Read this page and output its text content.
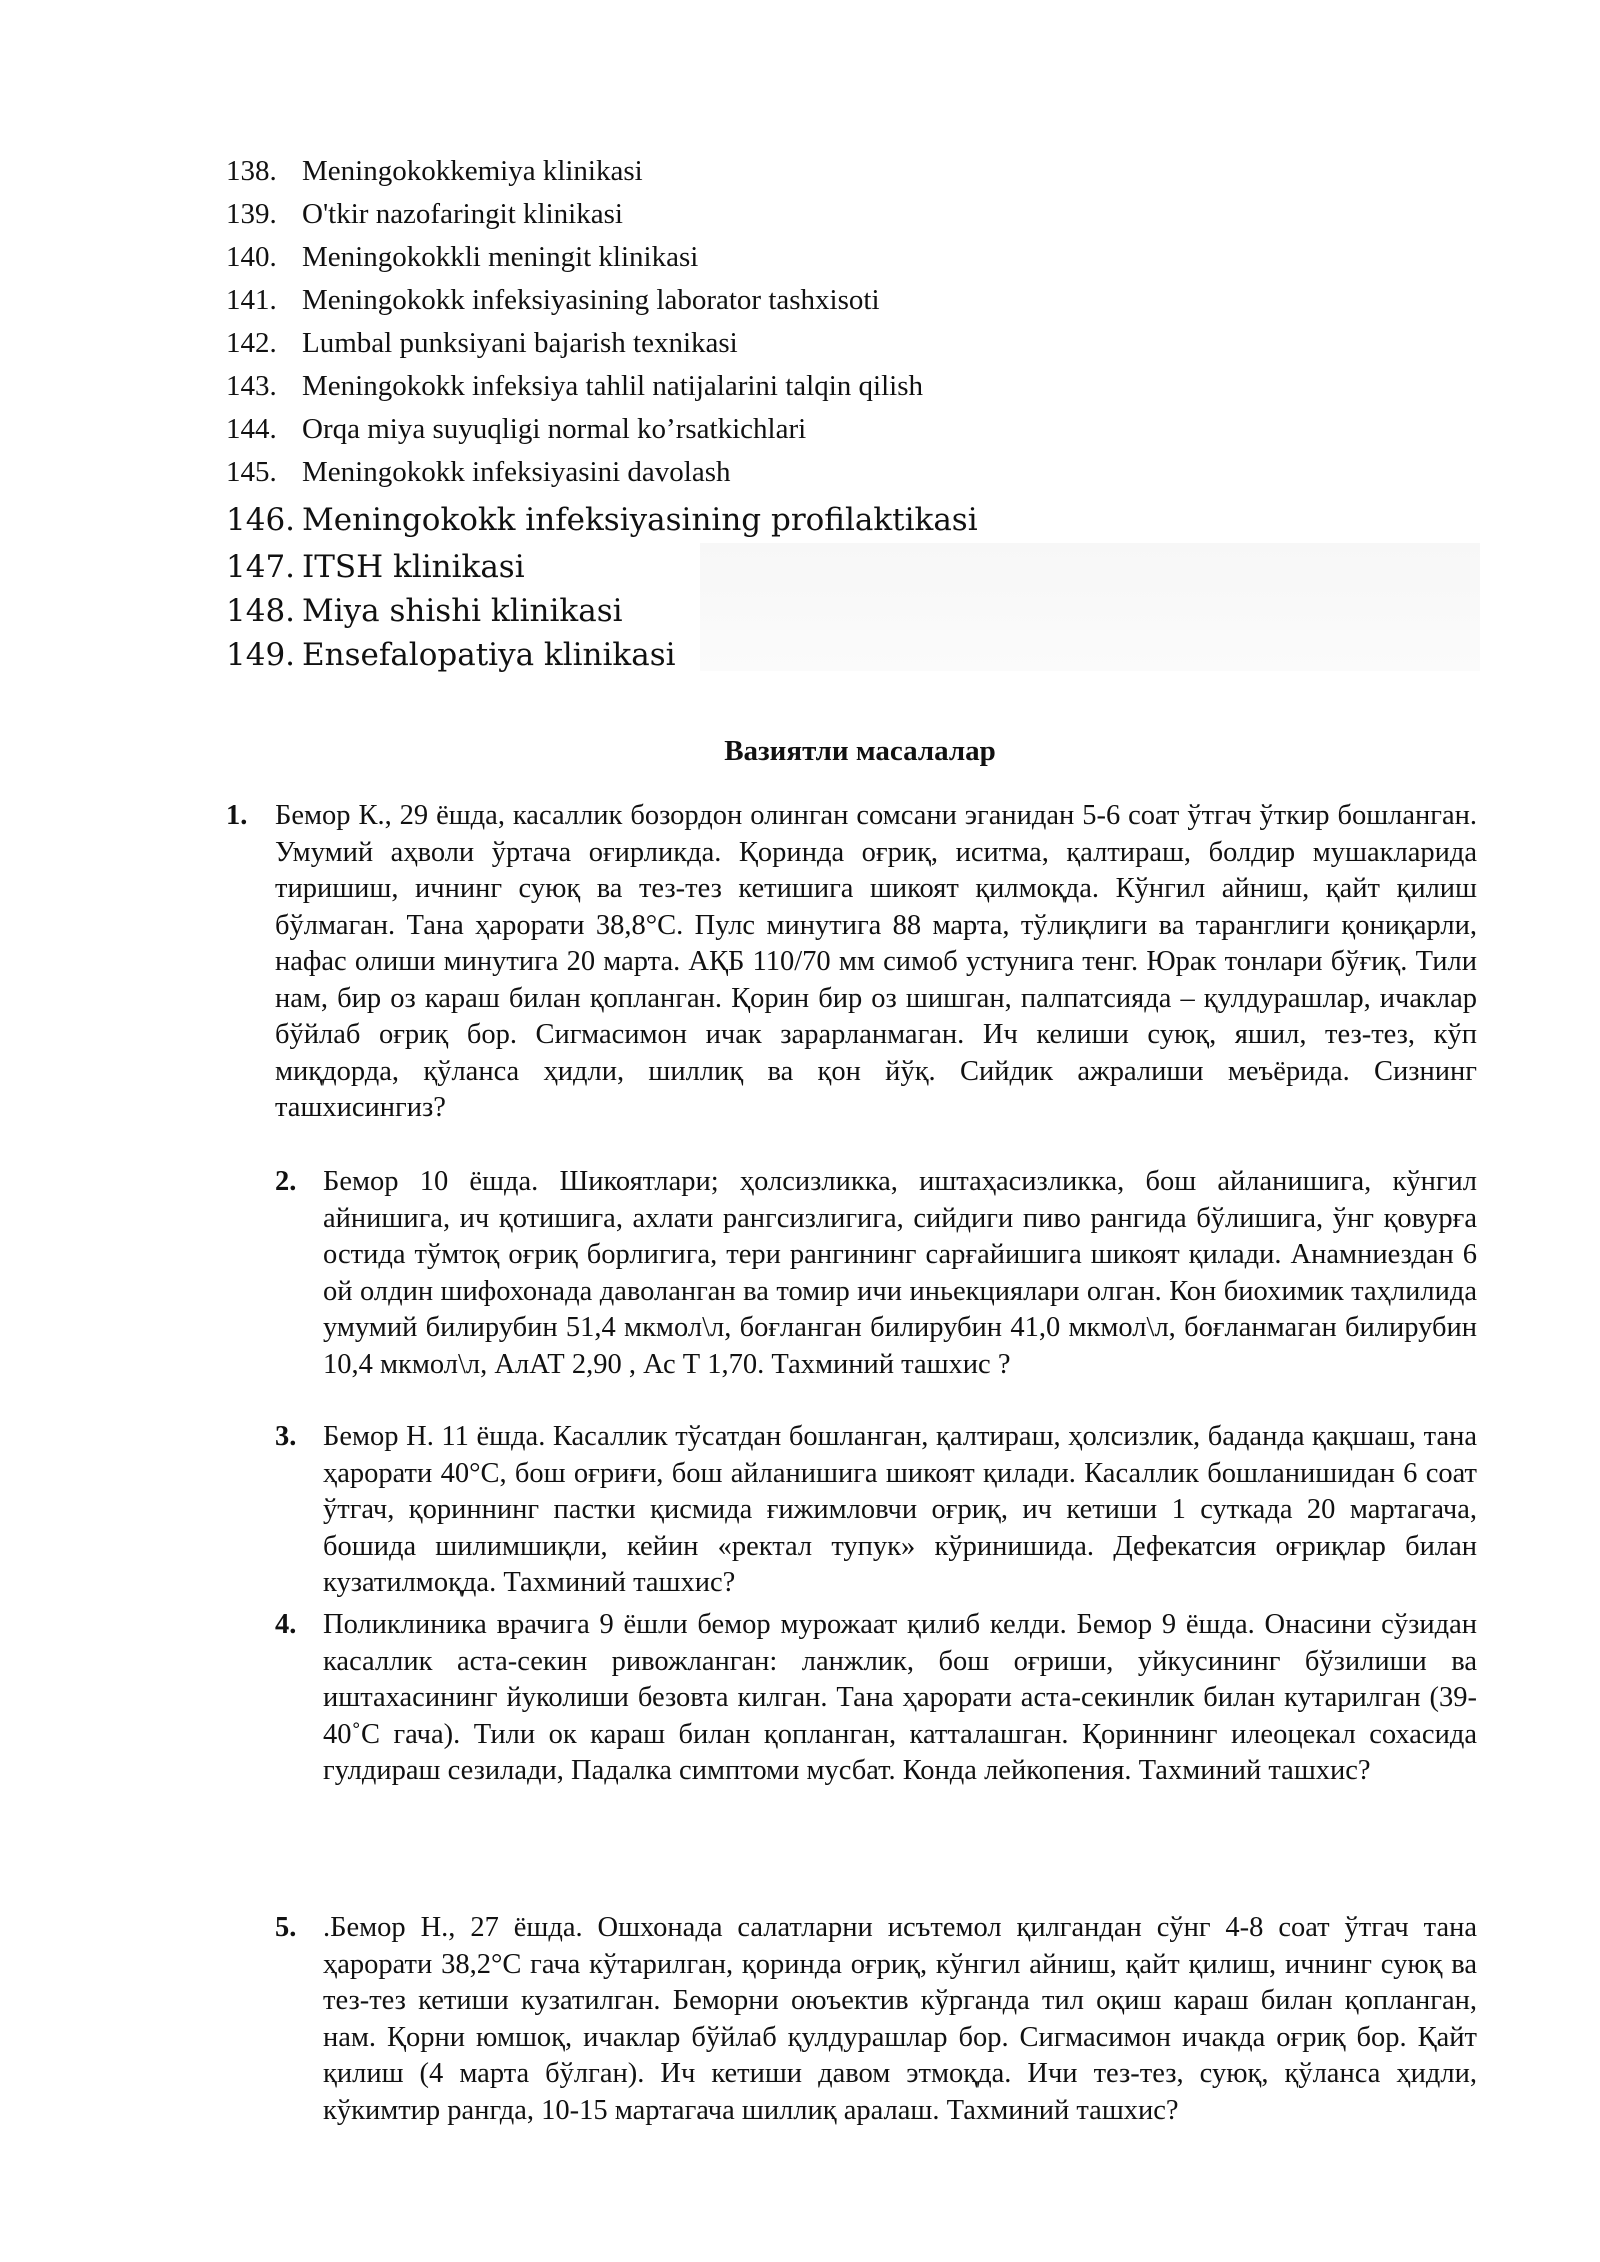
138. Meningokokkemiya klinikasi
139. O'tkir nazofaringit klinikasi
140. Meningokokkli meningit klinikasi
141. Meningokokk infeksiyasining laborator tashxisoti
142. Lumbal punksiyani bajarish texnikasi
143. Meningokokk infeksiya tahlil natijalarini talqin qilish
144. Orqa miya suyuqligi normal ko’rsatkichlari
145. Meningokokk infeksiyasini davolash
146. Meningokokk infeksiyasining profilaktikasi
147. ITSH klinikasi
148. Miya shishi klinikasi
149. Ensefalopatiya klinikasi
Вазиятли масалалар
1. Бемор К., 29 ёшда, касаллик бозордон олинган сомсани эганидан 5-6 соат ўтгач ўткир бошланган. Умумий аҳволи ўртача оғирликда. Қоринда оғриқ, иситма, қалтираш, болдир мушакларида тиришиш, ичнинг суюқ ва тез-тез кетишига шикоят қилмоқда. Кўнгил айниш, қайт қилиш бўлмаган. Тана ҳарорати 38,8°С. Пулс минутига 88 марта, тўлиқлиги ва таранглиги қониқарли, нафас олиши минутига 20 марта. АҚБ 110/70 мм симоб устунига тенг. Юрак тонлари бўғиқ. Тили нам, бир оз караш билан қопланган. Қорин бир оз шишган, палпатсияда – қулдурашлар, ичаклар бўйлаб оғриқ бор. Сигмасимон ичак зарарланмаган. Ич келиши суюқ, яшил, тез-тез, кўп миқдорда, қўланса ҳидли, шиллиқ ва қон йўқ. Сийдик ажралиши меъёрида. Сизнинг ташхисингиз?
2. Бемор 10 ёшда. Шикоятлари; ҳолсизликка, иштаҳасизликка, бош айланишига, кўнгил айнишига, ич қотишига, ахлати рангсизлигига, сийдиги пиво рангида бўлишига, ўнг қовурға остида тўмтоқ оғриқ борлигига, тери рангининг сарғайишига шикоят қилади. Анамниездан 6 ой олдин шифохонада даволанган ва томир ичи иньекциялари олган. Кон биохимик таҳлилида умумий билирубин 51,4 мкмол\л, боғланган билирубин 41,0 мкмол\л, боғланмаган билирубин 10,4 мкмол\л, АлАТ 2,90 , Ас Т 1,70. Тахминий ташхис ?
3. Бемор Н. 11 ёшда. Касаллик тўсатдан бошланган, қалтираш, ҳолсизлик, баданда қақшаш, тана ҳарорати 40°С, бош оғриғи, бош айланишига шикоят қилади. Касаллик бошланишидан 6 соат ўтгач, қориннинг пастки қисмида ғижимловчи оғриқ, ич кетиши 1 суткада 20 мартагача, бошида шилимшиқли, кейин «ректал тупук» кўринишида. Дефекатсия оғриқлар билан кузатилмоқда. Тахминий ташхис?
4. Поликлиника врачига 9 ёшли бемор мурожаат қилиб келди. Бемор 9 ёшда. Онасини сўзидан касаллик аста-секин ривожланган: ланжлик, бош оғриши, уйкусининг бўзилиши ва иштахасининг йуколиши безовта килган. Тана ҳарорати аста-секинлик билан кутарилган (39-40˚С гача). Тили ок караш билан қопланган, катталашган. Қориннинг илеоцекал сохасида гулдираш сезилади, Падалка симптоми мусбат. Конда лейкопения. Тахминий ташхис?
5. .Бемор Н., 27 ёшда. Ошхонада салатларни исътемол қилгандан сўнг 4-8 соат ўтгач тана ҳарорати 38,2°С гача кўтарилган, қоринда оғриқ, кўнгил айниш, қайт қилиш, ичнинг суюқ ва тез-тез кетиши кузатилган. Беморни оюъектив кўрганда тил оқиш караш билан қопланган, нам. Қорни юмшоқ, ичаклар бўйлаб қулдурашлар бор. Сигмасимон ичакда оғриқ бор. Қайт қилиш (4 марта бўлган). Ич кетиши давом этмоқда. Ичи тез-тез, суюқ, қўланса ҳидли, кўкимтир рангда, 10-15 мартагача шиллиқ аралаш. Тахминий ташхис?
